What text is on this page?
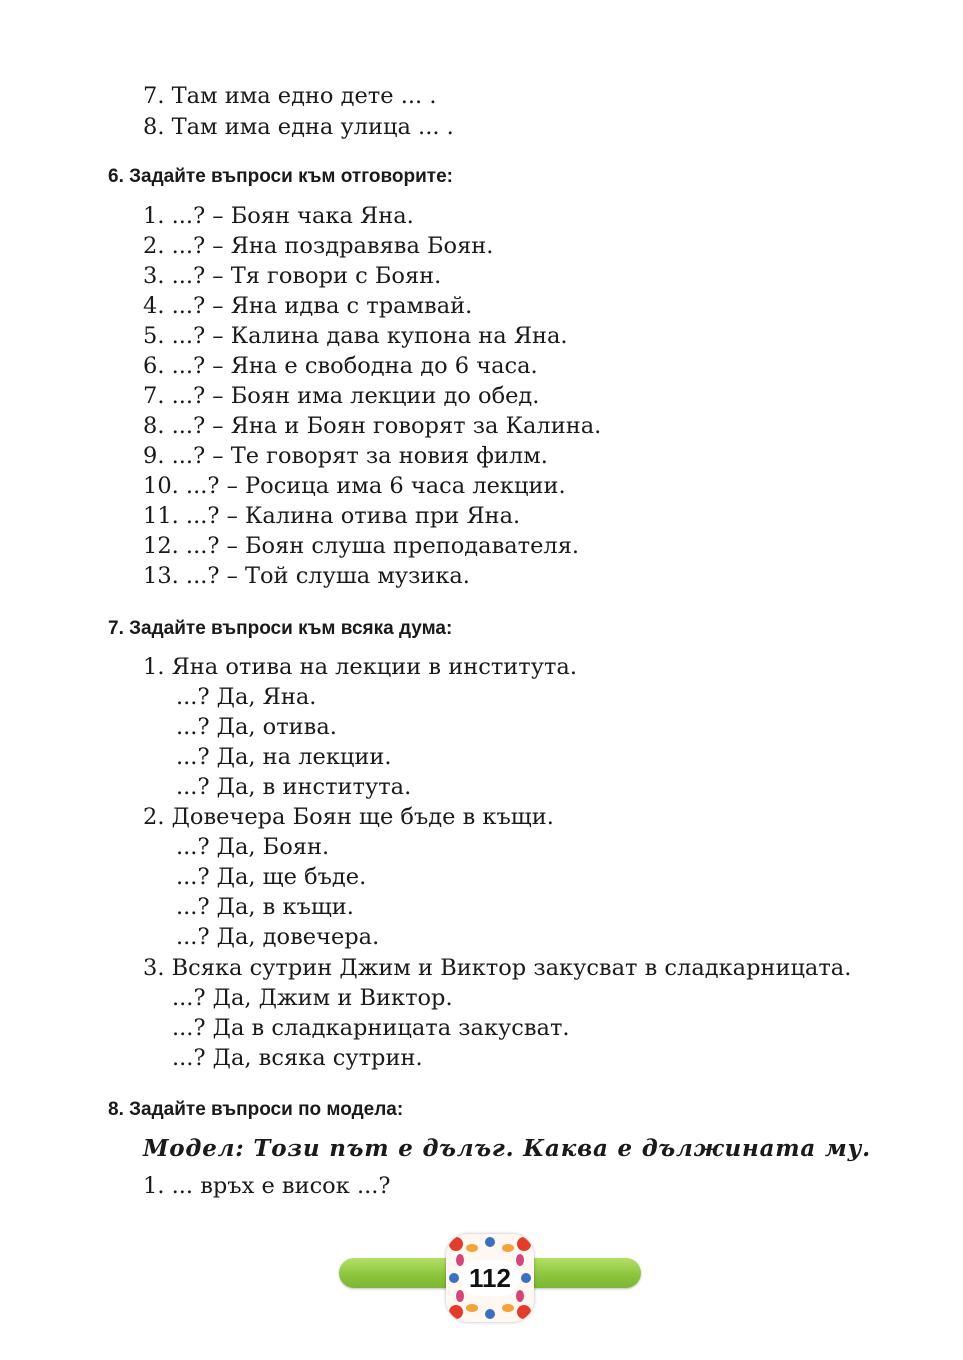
7. Там има едно дете ... .
8. Там има една улица ... .
6. Задайте въпроси към отговорите:
1. ...? – Боян чака Яна.
2. ...? – Яна поздравява Боян.
3. ...? – Тя говори с Боян.
4. ...? – Яна идва с трамвай.
5. ...? – Калина дава купона на Яна.
6. ...? – Яна е свободна до 6 часа.
7. ...? – Боян има лекции до обед.
8. ...? – Яна и Боян говорят за Калина.
9. ...? – Те говорят за новия филм.
10. ...? – Росица има 6 часа лекции.
11. ...? – Калина отива при Яна.
12. ...? – Боян слуша преподавателя.
13. ...? – Той слуша музика.
7. Задайте въпроси към всяка дума:
1. Яна отива на лекции в института.
...? Да, Яна.
...? Да, отива.
...? Да, на лекции.
...? Да, в института.
2. Довечера Боян ще бъде в къщи.
...? Да, Боян.
...? Да, ще бъде.
...? Да, в къщи.
...? Да, довечера.
3. Всяка сутрин Джим и Виктор закусват в сладкарницата.
...? Да, Джим и Виктор.
...? Да в сладкарницата закусват.
...? Да, всяка сутрин.
8. Задайте въпроси по модела:
Модел: Този път е дълъг. Каква е дължината му.
1. ... връх е висок ...?
112
